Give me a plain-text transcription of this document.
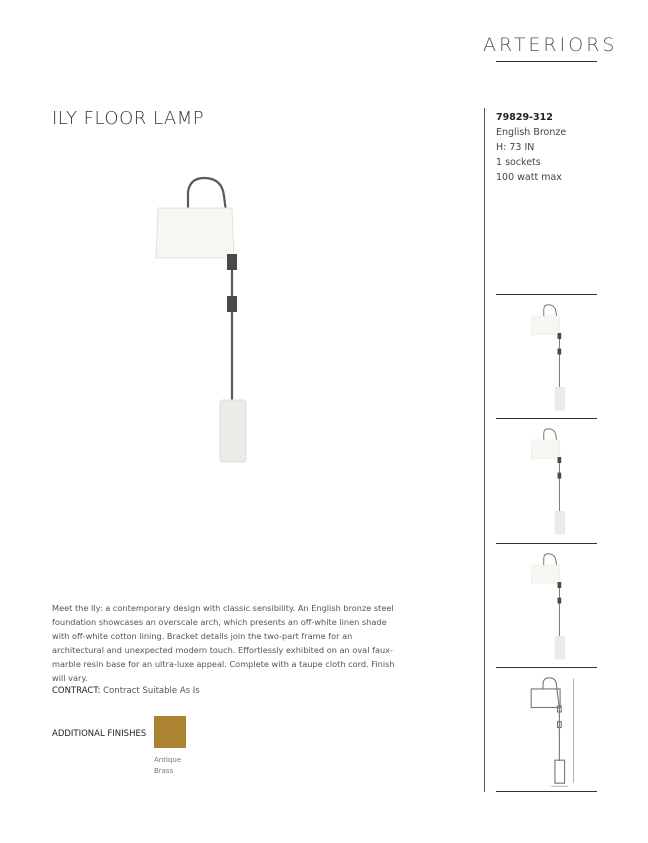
ARTERIORS
ILY FLOOR LAMP	79829-312
English Bronze
H: 73 IN
1 sockets
100 watt max
Meet the Ily: a contemporary design with classic sensibility. An English bronze steel foundation showcases an overscale arch, which presents an off-white linen shade with off-white cotton lining. Bracket details join the two-part frame for an architectural and unexpected modern touch. Effortlessly exhibited on an oval faux-marble resin base for an ultra-luxe appeal. Complete with a taupe cloth cord. Finish will vary.
CONTRACT: Contract Suitable As Is
ADDITIONAL FINISHES
Antique Brass
